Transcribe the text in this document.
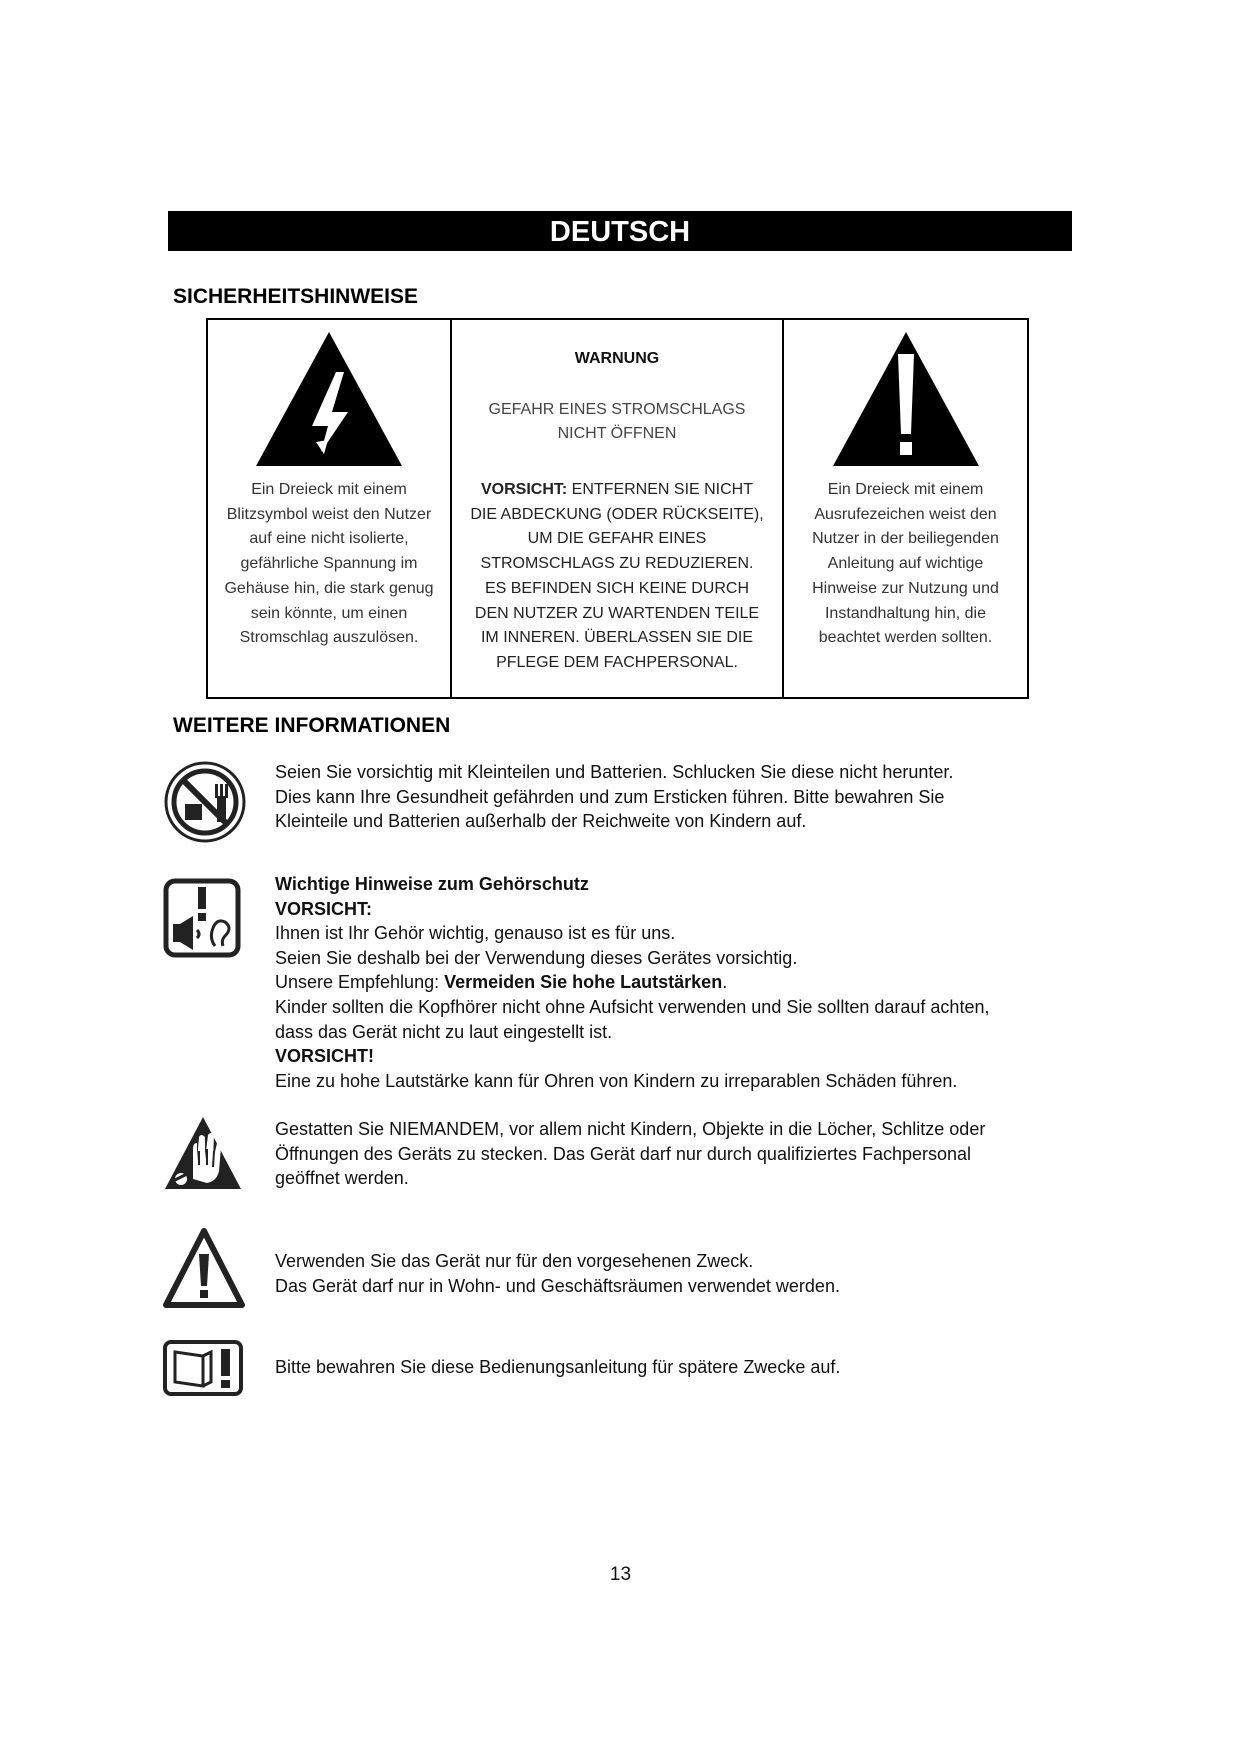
DEUTSCH
SICHERHEITSHINWEISE
Ein Dreieck mit einem
Blitzsymbol weist den Nutzer
auf eine nicht isolierte,
gefährliche Spannung im
Gehäuse hin, die stark genug
sein könnte, um einen
Stromschlag auszulösen.
WARNUNG
GEFAHR EINES STROMSCHLAGS
NICHT ÖFFNEN
VORSICHT: ENTFERNEN SIE NICHT
DIE ABDECKUNG (ODER RÜCKSEITE),
UM DIE GEFAHR EINES
STROMSCHLAGS ZU REDUZIEREN.
ES BEFINDEN SICH KEINE DURCH
DEN NUTZER ZU WARTENDEN TEILE
IM INNEREN. ÜBERLASSEN SIE DIE
PFLEGE DEM FACHPERSONAL.
Ein Dreieck mit einem
Ausrufezeichen weist den
Nutzer in der beiliegenden
Anleitung auf wichtige
Hinweise zur Nutzung und
Instandhaltung hin, die
beachtet werden sollten.
WEITERE INFORMATIONEN
Seien Sie vorsichtig mit Kleinteilen und Batterien. Schlucken Sie diese nicht herunter.
Dies kann Ihre Gesundheit gefährden und zum Ersticken führen. Bitte bewahren Sie
Kleinteile und Batterien außerhalb der Reichweite von Kindern auf.
Wichtige Hinweise zum Gehörschutz
VORSICHT:
Ihnen ist Ihr Gehör wichtig, genauso ist es für uns.
Seien Sie deshalb bei der Verwendung dieses Gerätes vorsichtig.
Unsere Empfehlung: Vermeiden Sie hohe Lautstärken.
Kinder sollten die Kopfhörer nicht ohne Aufsicht verwenden und Sie sollten darauf achten,
dass das Gerät nicht zu laut eingestellt ist.
VORSICHT!
Eine zu hohe Lautstärke kann für Ohren von Kindern zu irreparablen Schäden führen.
Gestatten Sie NIEMANDEM, vor allem nicht Kindern, Objekte in die Löcher, Schlitze oder
Öffnungen des Geräts zu stecken. Das Gerät darf nur durch qualifiziertes Fachpersonal
geöffnet werden.
Verwenden Sie das Gerät nur für den vorgesehenen Zweck.
Das Gerät darf nur in Wohn- und Geschäftsräumen verwendet werden.
Bitte bewahren Sie diese Bedienungsanleitung für spätere Zwecke auf.
13
